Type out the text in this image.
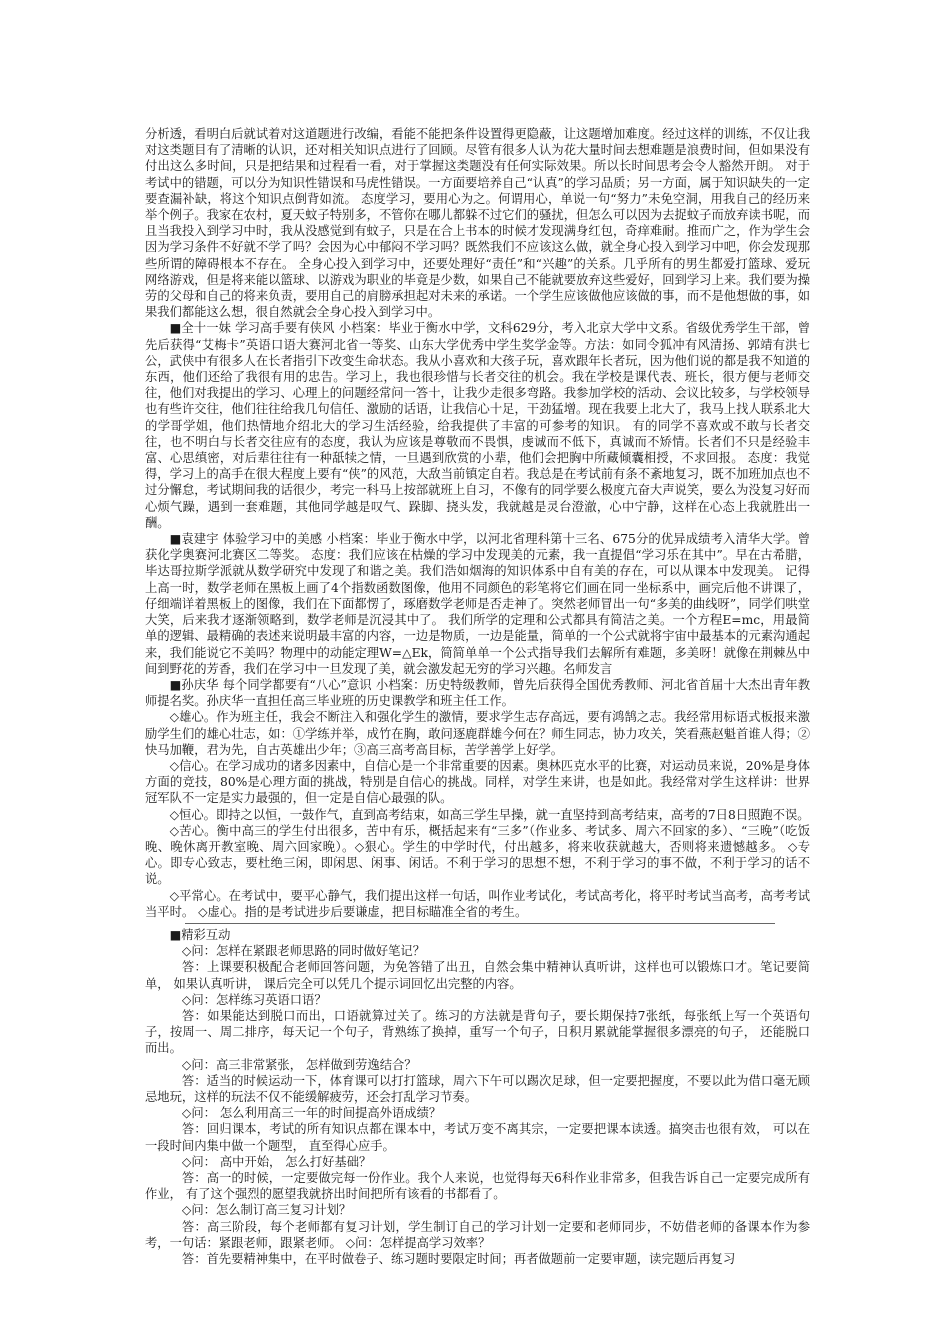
分析透，看明白后就试着对这道题进行改编，看能不能把条件设置得更隐蔽，让这题增加难度。经过这样的训练，不仅让我对这类题目有了清晰的认识，还对相关知识点进行了回顾。尽管有很多人认为花大量时间去想难题是浪费时间，但如果没有付出这么多时间，只是把结果和过程看一看，对于掌握这类题没有任何实际效果。所以长时间思考会令人豁然开朗。 对于考试中的错题，可以分为知识性错误和马虎性错误。一方面要培养自己“认真”的学习品质；另一方面，属于知识缺失的一定要查漏补缺，将这个知识点倒背如流。 态度学习，要用心为之。何谓用心，单说一句“努力”未免空洞，用我自己的经历来举个例子。我家在农村，夏天蚊子特别多，不管你在哪儿都躲不过它们的骚扰，但怎么可以因为去捉蚊子而放弃读书呢，而且当我投入到学习中时，我从没感觉到有蚊子，只是在合上书本的时候才发现满身红包，奇痒难耐。推而广之，作为学生会因为学习条件不好就不学了吗？会因为心中郁闷不学习吗？既然我们不应该这么做，就全身心投入到学习中吧，你会发现那些所谓的障碍根本不存在。 全身心投入到学习中，还要处理好“责任”和“兴趣”的关系。几乎所有的男生都爱打篮球、爱玩网络游戏，但是将来能以篮球、以游戏为职业的毕竟是少数，如果自己不能就要放弃这些爱好，回到学习上来。我们要为操劳的父母和自己的将来负责，要用自己的肩膀承担起对未来的承诺。一个学生应该做他应该做的事，而不是他想做的事，如果我们都能这么想，很自然就会全身心投入到学习中。

■全十一妹 学习高手要有侠风 小档案：毕业于衡水中学，文科629分，考入北京大学中文系。省级优秀学生干部，曾先后获得“艾梅卡”英语口语大赛河北省一等奖、山东大学优秀中学生奖学金等。方法：如同令狐冲有风清扬、郭靖有洪七公，武侠中有很多人在长者指引下改变生命状态。我从小喜欢和大孩子玩，喜欢跟年长者玩，因为他们说的都是我不知道的东西，他们还给了我很有用的忠告。学习上，我也很珍惜与长者交往的机会。我在学校是课代表、班长，很方便与老师交往，他们对我提出的学习、心理上的问题经常问一答十，让我少走很多弯路。我参加学校的活动、会议比较多，与学校领导也有些许交往，他们往往给我几句信任、激励的话语，让我信心十足，干劲猛增。现在我要上北大了，我马上找人联系北大的学哥学姐，他们热情地介绍北大的学习生活经验，给我提供了丰富的可参考的知识。 有的同学不喜欢或不敢与长者交往，也不明白与长者交往应有的态度，我认为应该是尊敬而不畏惧，虔诚而不低下，真诚而不矫情。长者们不只是经验丰富、心思缜密，对后辈往往有一种舐犊之情，一旦遇到欣赏的小辈，他们会把胸中所藏倾囊相授，不求回报。 态度：我觉得，学习上的高手在很大程度上要有“侠”的风范，大敌当前镇定自若。我总是在考试前有条不紊地复习，既不加班加点也不过分懈怠，考试期间我的话很少，考完一科马上按部就班上自习，不像有的同学要么极度亢奋大声说笑，要么为没复习好而心烦气躁，遇到一套难题，其他同学越是叹气、跺脚、挠头发，我就越是灵台澄澈，心中宁静，这样在心态上我就胜出一酬。

■袁建宇 体验学习中的美感 小档案：毕业于衡水中学，以河北省理科第十三名、675分的优异成绩考入清华大学。曾获化学奥赛河北赛区二等奖。 态度：我们应该在枯燥的学习中发现美的元素，我一直提倡“学习乐在其中”。早在古希腊，毕达哥拉斯学派就从数学研究中发现了和谐之美。我们浩如烟海的知识体系中自有美的存在，可以从课本中发现美。 记得上高一时，数学老师在黑板上画了4个指数函数图像，他用不同颜色的彩笔将它们画在同一坐标系中，画完后他不讲课了，仔细端详着黑板上的图像，我们在下面都愣了，琢磨数学老师是否走神了。突然老师冒出一句“多美的曲线呀”，同学们哄堂大笑，后来我才逐渐领略到，数学老师是沉浸其中了。 我们所学的定理和公式都具有简洁之美。一个方程E=mc，用最简单的逻辑、最精确的表述来说明最丰富的内容，一边是物质，一边是能量，简单的一个公式就将宇宙中最基本的元素沟通起来，我们能说它不美吗？物理中的动能定理W=△Ek，简简单单一个公式指导我们去解所有难题，多美呀！就像在荆棘丛中间到野花的芳香，我们在学习中一旦发现了美，就会激发起无穷的学习兴趣。名师发言

■孙庆华 每个同学都要有“八心”意识 小档案：历史特级教师，曾先后获得全国优秀教师、河北省首届十大杰出青年教师提名奖。孙庆华一直担任高三毕业班的历史课教学和班主任工作。

◇雄心。作为班主任，我会不断注入和强化学生的激情，要求学生志存高远，要有鸿鹄之志。我经常用标语式板报来激励学生们的雄心壮志，如：①学练并举，成竹在胸，敢问逐鹿群雄今何在？师生同志，协力攻关，笑看燕赵魁首谁人得；②快马加鞭，君为先，自古英雄出少年；③高三高考高目标，苦学善学上好学。

◇信心。在学习成功的诸多因素中，自信心是一个非常重要的因素。奥林匹克水平的比赛，对运动员来说，20%是身体方面的竞技，80%是心理方面的挑战，特别是自信心的挑战。同样，对学生来讲，也是如此。我经常对学生这样讲：世界冠军队不一定是实力最强的，但一定是自信心最强的队。

◇恒心。即持之以恒，一鼓作气，直到高考结束，如高三学生早操，就一直坚持到高考结束，高考的7日8日照跑不误。

◇苦心。衡中高三的学生付出很多，苦中有乐，概括起来有“三多”（作业多、考试多、周六不回家的多）、“三晚”（吃饭晚、晚休离开教室晚、周六回家晚）。◇狠心。学生的中学时代，付出越多，将来收获就越大，否则将来遗憾越多。 ◇专心。即专心致志，要杜绝三闲，即闲思、闲事、闲话。不利于学习的思想不想，不利于学习的事不做，不利于学习的话不说。

◇平常心。在考试中，要平心静气，我们提出这样一句话，叫作业考试化，考试高考化，将平时考试当高考，高考考试当平时。 ◇虚心。指的是考试进步后要谦虚，把目标瞄准全省的考生。

■精彩互动

◇问：怎样在紧跟老师思路的同时做好笔记？

答：上课要积极配合老师回答问题，为免答错了出丑，自然会集中精神认真听讲，这样也可以锻炼口才。笔记要简单， 如果认真听讲， 课后完全可以凭几个提示词回忆出完整的内容。

◇问：怎样练习英语口语？

答：如果能达到脱口而出，口语就算过关了。练习的方法就是背句子，要长期保持7张纸，每张纸上写一个英语句子，按周一、周二排序，每天记一个句子，背熟练了换掉，重写一个句子，日积月累就能掌握很多漂亮的句子， 还能脱口而出。

◇问：高三非常紧张， 怎样做到劳逸结合？

答：适当的时候运动一下，体育课可以打打篮球，周六下午可以踢次足球，但一定要把握度，不要以此为借口毫无顾忌地玩，这样的玩法不仅不能缓解疲劳，还会打乱学习节奏。

◇问： 怎么利用高三一年的时间提高外语成绩？

答：回归课本，考试的所有知识点都在课本中，考试万变不离其宗，一定要把课本读透。搞突击也很有效， 可以在一段时间内集中做一个题型， 直至得心应手。

◇问： 高中开始， 怎么打好基础？

答：高一的时候，一定要做完每一份作业。我个人来说，也觉得每天6科作业非常多，但我告诉自己一定要完成所有作业， 有了这个强烈的愿望我就挤出时间把所有该看的书都看了。

◇问：怎么制订高三复习计划？

答：高三阶段，每个老师都有复习计划，学生制订自己的学习计划一定要和老师同步，不妨借老师的备课本作为参考，一句话：紧跟老师，跟紧老师。 ◇问：怎样提高学习效率？

答：首先要精神集中，在平时做卷子、练习题时要限定时间；再者做题前一定要审题，读完题后再复习
